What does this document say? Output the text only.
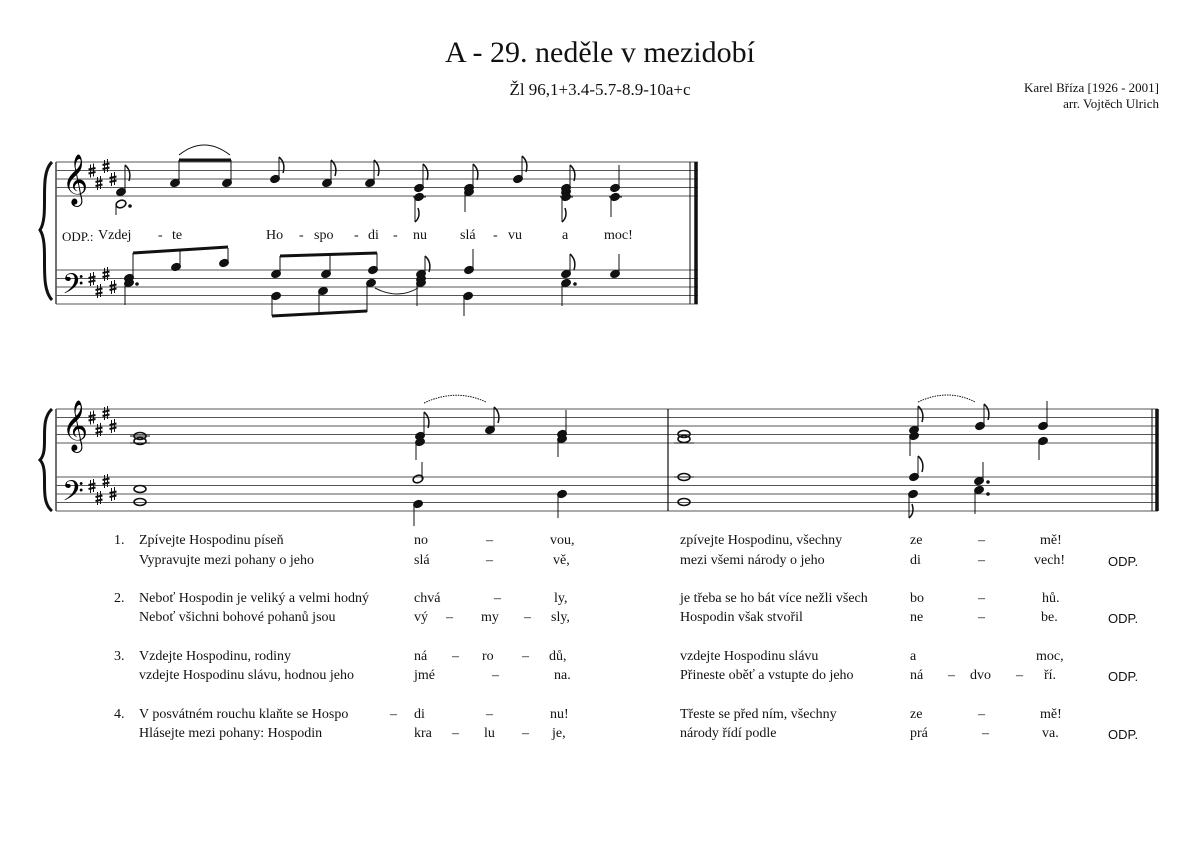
A - 29. neděle v mezidobí
Žl 96,1+3.4-5.7-8.9-10a+c	Karel Bříza [1926 - 2001]
arr. Vojtěch Ulrich
𝄞
𝄢
𝄞
𝄢
ODP.: Vzdej - te	Ho - spo - di - nu slá - vu	a	moc!
1. Zpívejte Hospodinu píseň	no	–	vou,	zpívejte Hospodinu, všechny	ze	–	mě!
Vypravujte mezi pohany o jeho	slá	–	vě,	mezi všemi národy o jeho	di	–	vech!	ODP.
2. Neboť Hospodin je veliký a velmi hodný	chvá	–	ly,	je třeba se ho bát více nežli všech	bo	–	hů.
Neboť všichni bohové pohanů jsou	vý – my – sly,	Hospodin však stvořil	ne	–	be.	ODP.
3. Vzdejte Hospodinu, rodiny	ná – ro – dů,	vzdejte Hospodinu slávu	a	moc,
vzdejte Hospodinu slávu, hodnou jeho	jmé	–	na.	Přineste oběť a vstupte do jeho	ná – dvo – ří.	ODP.
4. V posvátném rouchu klaňte se Hospo	– di	–	nu!	Třeste se před ním, všechny	ze	–	mě!
Hlásejte mezi pohany: Hospodin	kra – lu – je,	národy řídí podle	prá	–	va.	ODP.
